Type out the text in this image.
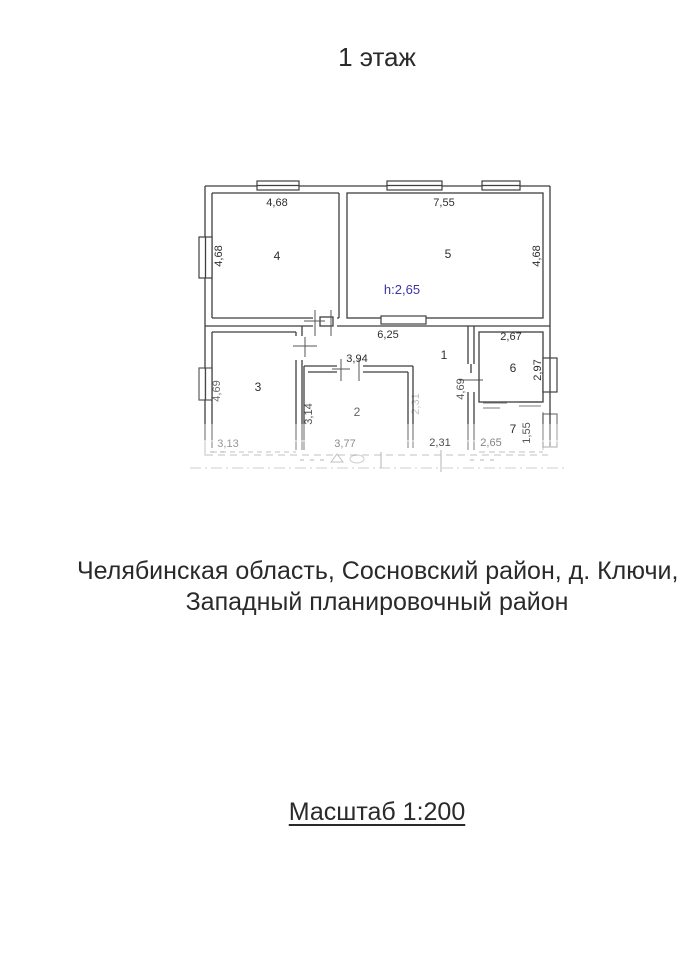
1 этаж
4,68
4,68	4
7,55
4,68
5
h:2,65
6,25
1
4,69
2,31
2,31
2,67
6 2,97
3,94
3,14	2
3,77
3
4,69
3,13
7 1,55
2,65
Челябинская область, Сосновский район, д. Ключи,
Западный планировочный район
Масштаб 1:200
